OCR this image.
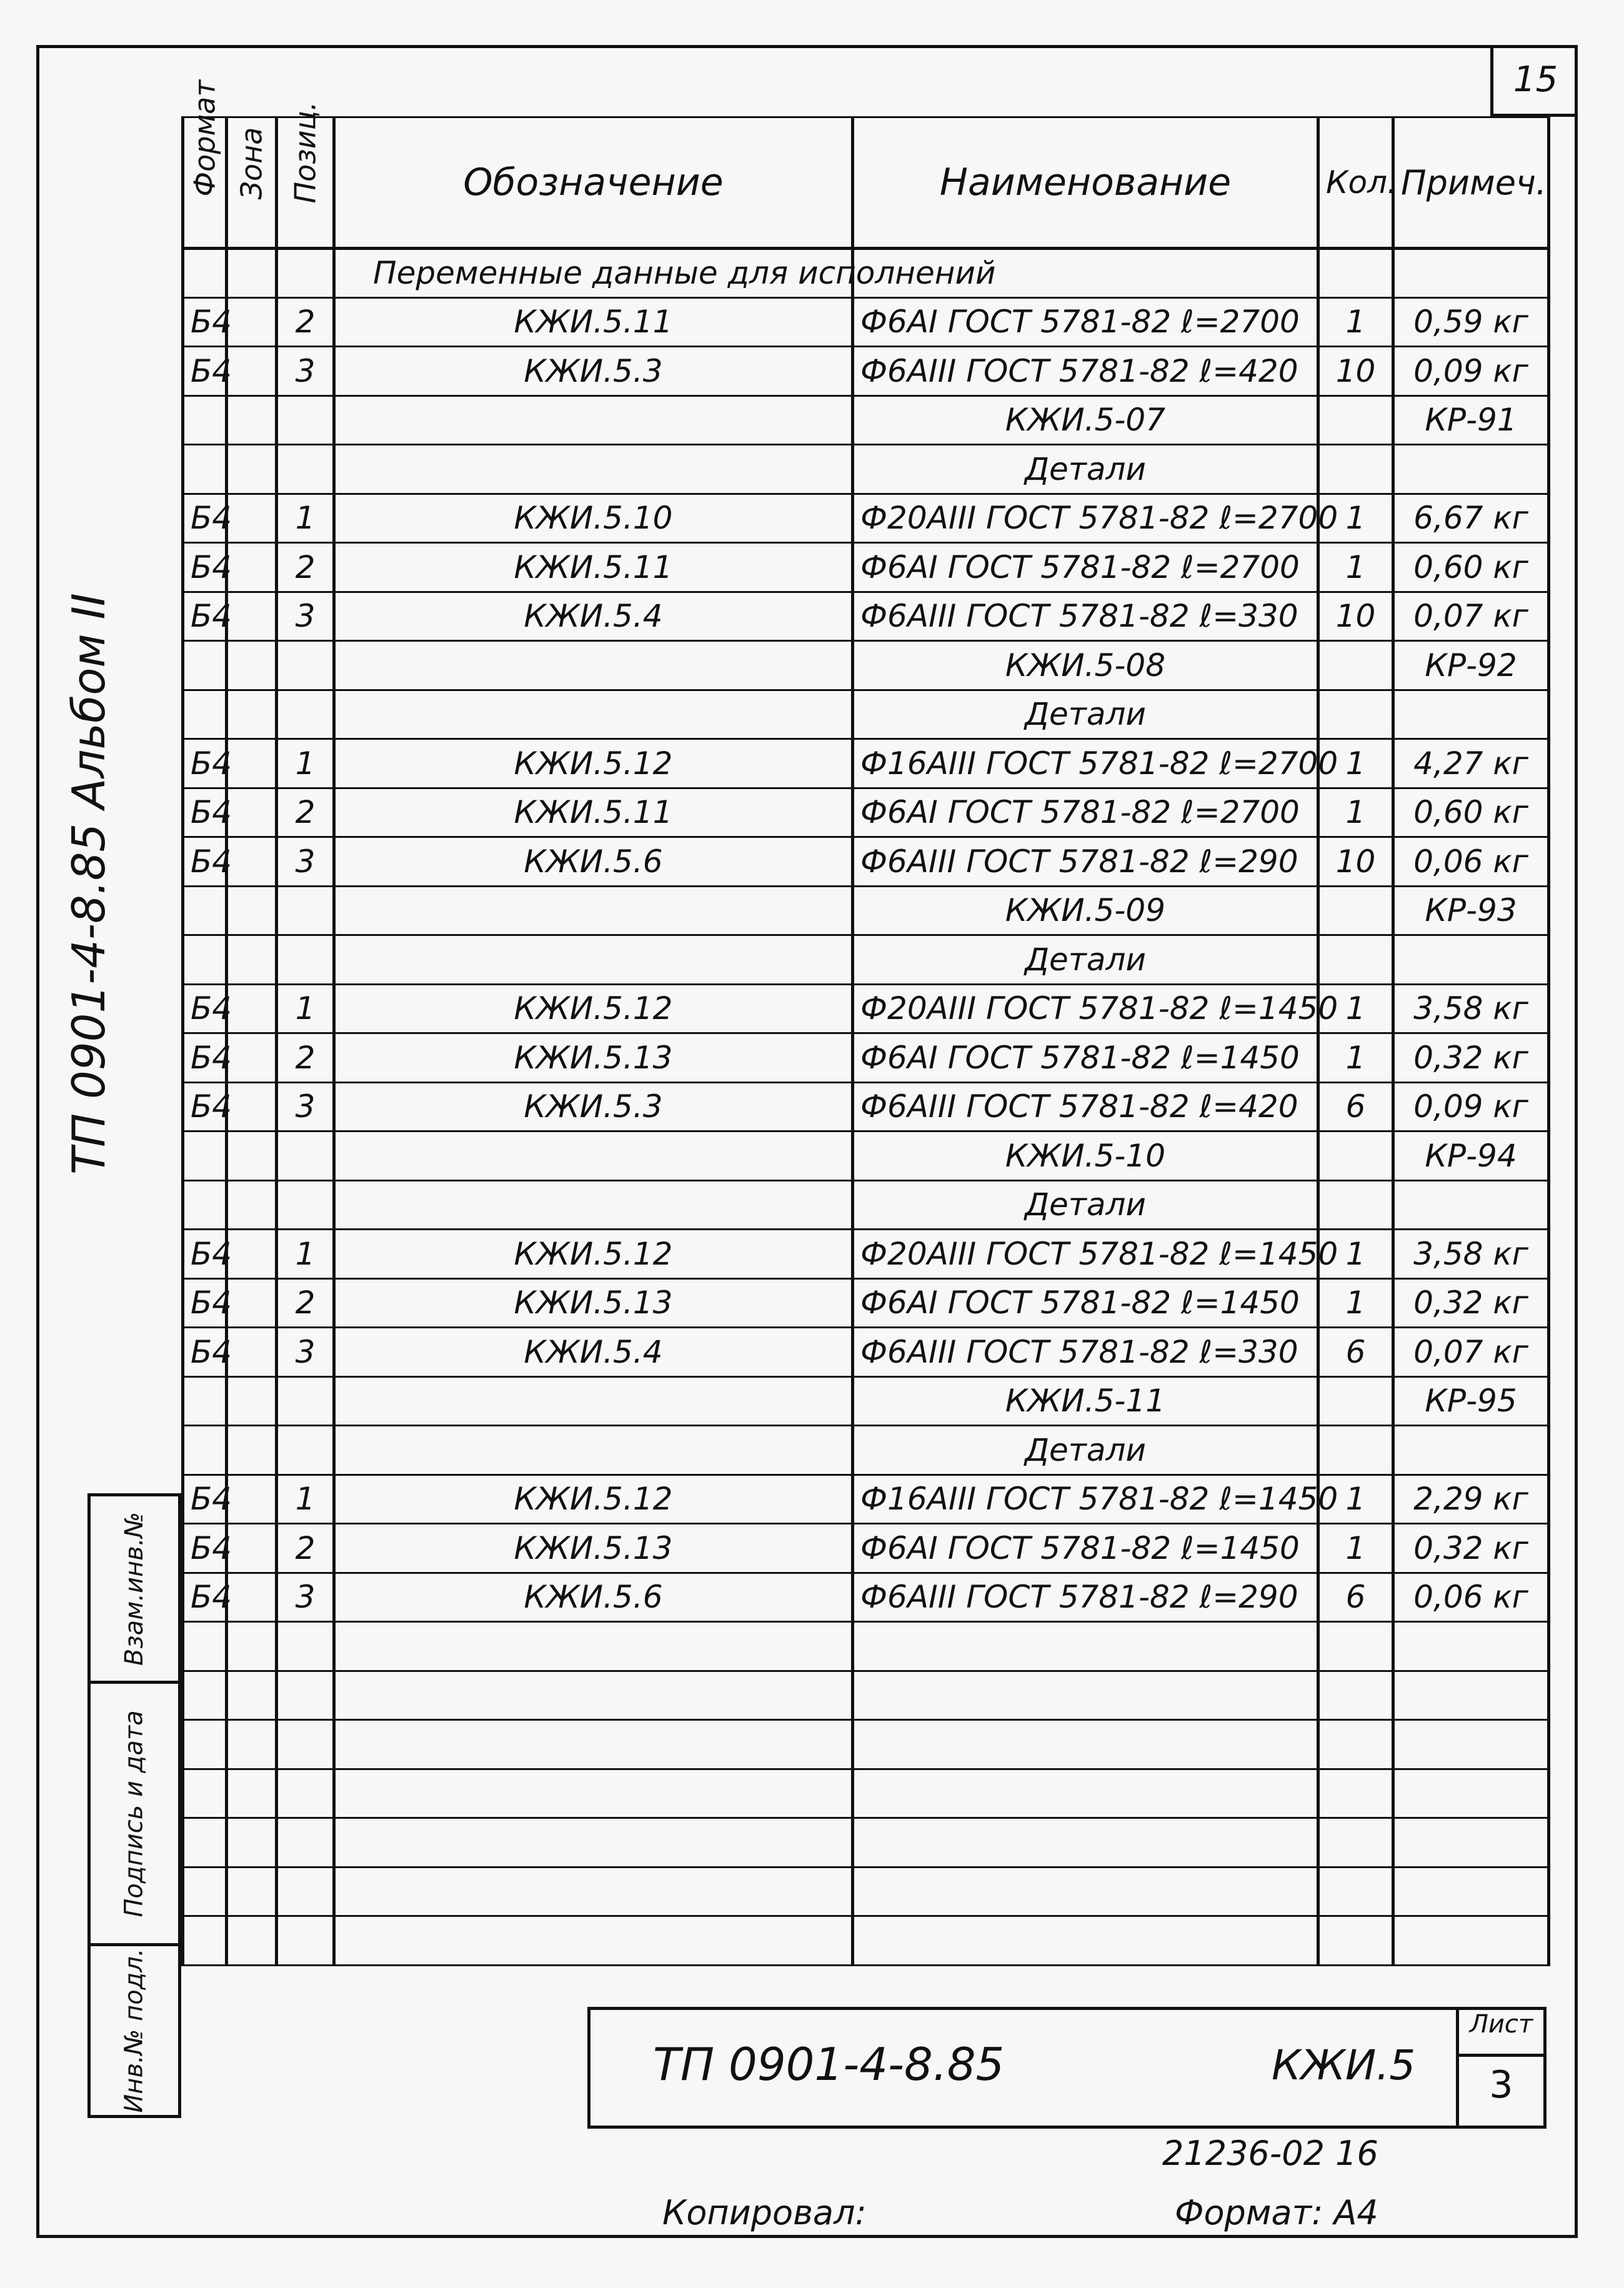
15
ТП 0901-4-8.85 Альбом II
Формат	Зона	Позиц.	Обозначение	Наименование	Кол.	Примеч.
			Переменные данные для исполнений			
Б4		2	КЖИ.5.11	Ф6АI ГОСТ 5781-82 ℓ=2700	1	0,59 кг
Б4		3	КЖИ.5.3	Ф6АIII ГОСТ 5781-82 ℓ=420	10	0,09 кг
				КЖИ.5-07		КР-91
				Детали		
Б4		1	КЖИ.5.10	Ф20АIII ГОСТ 5781-82 ℓ=2700	1	6,67 кг
Б4		2	КЖИ.5.11	Ф6АI ГОСТ 5781-82 ℓ=2700	1	0,60 кг
Б4		3	КЖИ.5.4	Ф6АIII ГОСТ 5781-82 ℓ=330	10	0,07 кг
				КЖИ.5-08		КР-92
				Детали		
Б4		1	КЖИ.5.12	Ф16АIII ГОСТ 5781-82 ℓ=2700	1	4,27 кг
Б4		2	КЖИ.5.11	Ф6АI ГОСТ 5781-82 ℓ=2700	1	0,60 кг
Б4		3	КЖИ.5.6	Ф6АIII ГОСТ 5781-82 ℓ=290	10	0,06 кг
				КЖИ.5-09		КР-93
				Детали		
Б4		1	КЖИ.5.12	Ф20АIII ГОСТ 5781-82 ℓ=1450	1	3,58 кг
Б4		2	КЖИ.5.13	Ф6АI ГОСТ 5781-82 ℓ=1450	1	0,32 кг
Б4		3	КЖИ.5.3	Ф6АIII ГОСТ 5781-82 ℓ=420	6	0,09 кг
				КЖИ.5-10		КР-94
				Детали		
Б4		1	КЖИ.5.12	Ф20АIII ГОСТ 5781-82 ℓ=1450	1	3,58 кг
Б4		2	КЖИ.5.13	Ф6АI ГОСТ 5781-82 ℓ=1450	1	0,32 кг
Б4		3	КЖИ.5.4	Ф6АIII ГОСТ 5781-82 ℓ=330	6	0,07 кг
				КЖИ.5-11		КР-95
				Детали		
Б4		1	КЖИ.5.12	Ф16АIII ГОСТ 5781-82 ℓ=1450	1	2,29 кг
Б4		2	КЖИ.5.13	Ф6АI ГОСТ 5781-82 ℓ=1450	1	0,32 кг
Б4		3	КЖИ.5.6	Ф6АIII ГОСТ 5781-82 ℓ=290	6	0,06 кг

Взам.инв.№
Подпись и дата
Инв.№ подл.	ТП 0901-4-8.85	КЖИ.5
Лист
3
21236-02 16
Копировал:	Формат: А4
